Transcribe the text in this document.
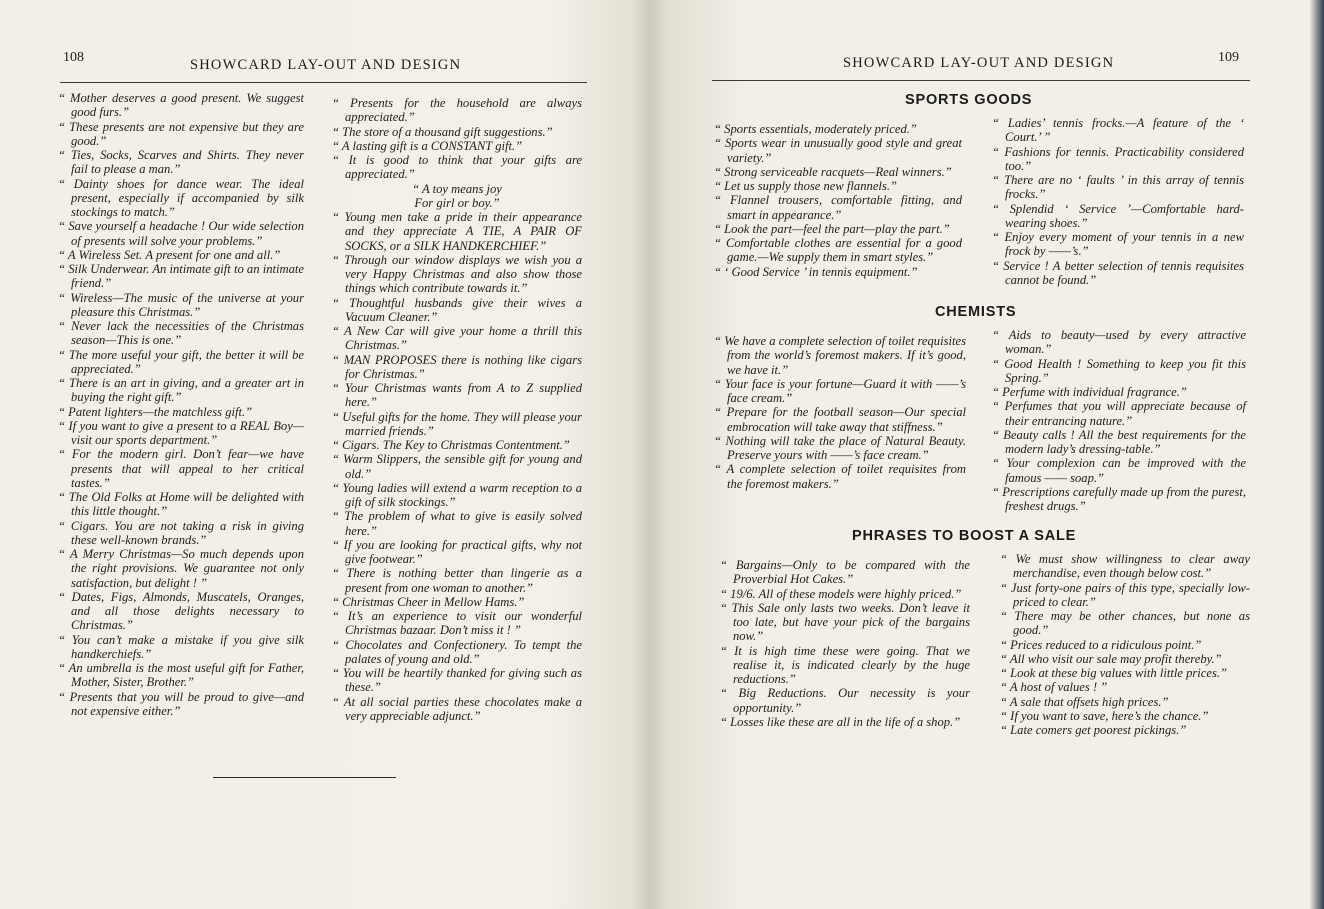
108	SHOWCARD LAY-OUT AND DESIGN
“ Mother deserves a good present. We suggest good furs.”
“ These presents are not expensive but they are good.”
“ Ties, Socks, Scarves and Shirts. They never fail to please a man.”
“ Dainty shoes for dance wear. The ideal present, especially if accompanied by silk stockings to match.”
“ Save yourself a headache ! Our wide selection of presents will solve your problems.”
“ A Wireless Set. A present for one and all.”
“ Silk Underwear. An intimate gift to an intimate friend.”
“ Wireless—The music of the universe at your pleasure this Christmas.”
“ Never lack the necessities of the Christmas season—This is one.”
“ The more useful your gift, the better it will be appreciated.”
“ There is an art in giving, and a greater art in buying the right gift.”
“ Patent lighters—the matchless gift.”
“ If you want to give a present to a REAL Boy—visit our sports department.”
“ For the modern girl. Don’t fear—we have presents that will appeal to her critical tastes.”
“ The Old Folks at Home will be delighted with this little thought.”
“ Cigars. You are not taking a risk in giving these well-known brands.”
“ A Merry Christmas—So much depends upon the right provisions. We guarantee not only satisfaction, but delight ! ”
“ Dates, Figs, Almonds, Muscatels, Oranges, and all those delights necessary to Christmas.”
“ You can’t make a mistake if you give silk handkerchiefs.”
“ An umbrella is the most useful gift for Father, Mother, Sister, Brother.”
“ Presents that you will be proud to give—and not expensive either.”
“ Presents for the household are always appreciated.”
“ The store of a thousand gift suggestions.”
“ A lasting gift is a CONSTANT gift.”
“ It is good to think that your gifts are appreciated.”
“ A toy means joy
For girl or boy.”
“ Young men take a pride in their appearance and they appreciate A TIE, A PAIR OF SOCKS, or a SILK HANDKERCHIEF.”
“ Through our window displays we wish you a very Happy Christmas and also show those things which contribute towards it.”
“ Thoughtful husbands give their wives a Vacuum Cleaner.”
“ A New Car will give your home a thrill this Christmas.”
“ MAN PROPOSES there is nothing like cigars for Christmas.”
“ Your Christmas wants from A to Z supplied here.”
“ Useful gifts for the home. They will please your married friends.”
“ Cigars. The Key to Christmas Contentment.”
“ Warm Slippers, the sensible gift for young and old.”
“ Young ladies will extend a warm reception to a gift of silk stockings.”
“ The problem of what to give is easily solved here.”
“ If you are looking for practical gifts, why not give footwear.”
“ There is nothing better than lingerie as a present from one woman to another.”
“ Christmas Cheer in Mellow Hams.”
“ It’s an experience to visit our wonderful Christmas bazaar. Don’t miss it ! ”
“ Chocolates and Confectionery. To tempt the palates of young and old.”
“ You will be heartily thanked for giving such as these.”
“ At all social parties these chocolates make a very appreciable adjunct.”
109
SHOWCARD LAY-OUT AND DESIGN
SPORTS GOODS
“ Sports essentials, moderately priced.”
“ Sports wear in unusually good style and great variety.”
“ Strong serviceable racquets—Real winners.”
“ Let us supply those new flannels.”
“ Flannel trousers, comfortable fitting, and smart in appearance.”
“ Look the part—feel the part—play the part.”
“ Comfortable clothes are essential for a good game.—We supply them in smart styles.”
“ ‘ Good Service ’ in tennis equipment.”
“ Ladies’ tennis frocks.—A feature of the ‘ Court.’ ”
“ Fashions for tennis. Practicability considered too.”
“ There are no ‘ faults ’ in this array of tennis frocks.”
“ Splendid ‘ Service ’—Comfortable hard-wearing shoes.”
“ Enjoy every moment of your tennis in a new frock by ——’s.”
“ Service ! A better selection of tennis requisites cannot be found.”
CHEMISTS
“ We have a complete selection of toilet requisites from the world’s foremost makers. If it’s good, we have it.”
“ Your face is your fortune—Guard it with ——’s face cream.”
“ Prepare for the football season—Our special embrocation will take away that stiffness.”
“ Nothing will take the place of Natural Beauty. Preserve yours with ——’s face cream.”
“ A complete selection of toilet requisites from the foremost makers.”
“ Aids to beauty—used by every attractive woman.”
“ Good Health ! Something to keep you fit this Spring.”
“ Perfume with individual fragrance.”
“ Perfumes that you will appreciate because of their entrancing nature.”
“ Beauty calls ! All the best requirements for the modern lady’s dressing-table.”
“ Your complexion can be improved with the famous —— soap.”
“ Prescriptions carefully made up from the purest, freshest drugs.”
PHRASES TO BOOST A SALE
“ Bargains—Only to be compared with the Proverbial Hot Cakes.”
“ 19/6. All of these models were highly priced.”
“ This Sale only lasts two weeks. Don’t leave it too late, but have your pick of the bargains now.”
“ It is high time these were going. That we realise it, is indicated clearly by the huge reductions.”
“ Big Reductions. Our necessity is your opportunity.”
“ Losses like these are all in the life of a shop.”
“ We must show willingness to clear away merchandise, even though below cost.”
“ Just forty-one pairs of this type, specially low-priced to clear.”
“ There may be other chances, but none as good.”
“ Prices reduced to a ridiculous point.”
“ All who visit our sale may profit thereby.”
“ Look at these big values with little prices.”
“ A host of values ! ”
“ A sale that offsets high prices.”
“ If you want to save, here’s the chance.”
“ Late comers get poorest pickings.”
